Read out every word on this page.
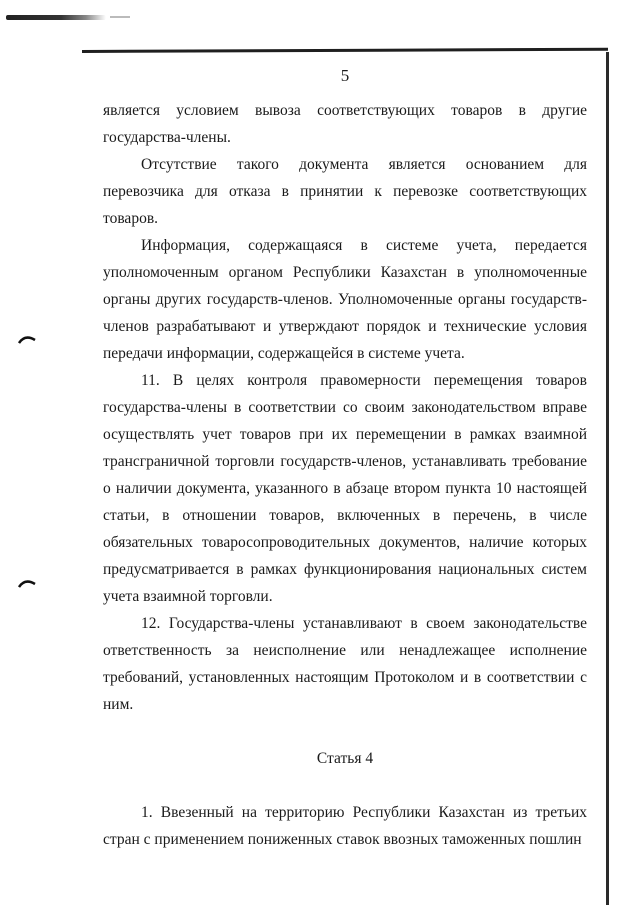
5

является условием вывоза соответствующих товаров в другие государства-члены.

Отсутствие такого документа является основанием для перевозчика для отказа в принятии к перевозке соответствующих товаров.

Информация, содержащаяся в системе учета, передается уполномоченным органом Республики Казахстан в уполномоченные органы других государств-членов. Уполномоченные органы государств-членов разрабатывают и утверждают порядок и технические условия передачи информации, содержащейся в системе учета.

11. В целях контроля правомерности перемещения товаров государства-члены в соответствии со своим законодательством вправе осуществлять учет товаров при их перемещении в рамках взаимной трансграничной торговли государств-членов, устанавливать требование о наличии документа, указанного в абзаце втором пункта 10 настоящей статьи, в отношении товаров, включенных в перечень, в числе обязательных товаросопроводительных документов, наличие которых предусматривается в рамках функционирования национальных систем учета взаимной торговли.

12. Государства-члены устанавливают в своем законодательстве ответственность за неисполнение или ненадлежащее исполнение требований, установленных настоящим Протоколом и в соответствии с ним.

Статья 4

1. Ввезенный на территорию Республики Казахстан из третьих стран с применением пониженных ставок ввозных таможенных пошлин
